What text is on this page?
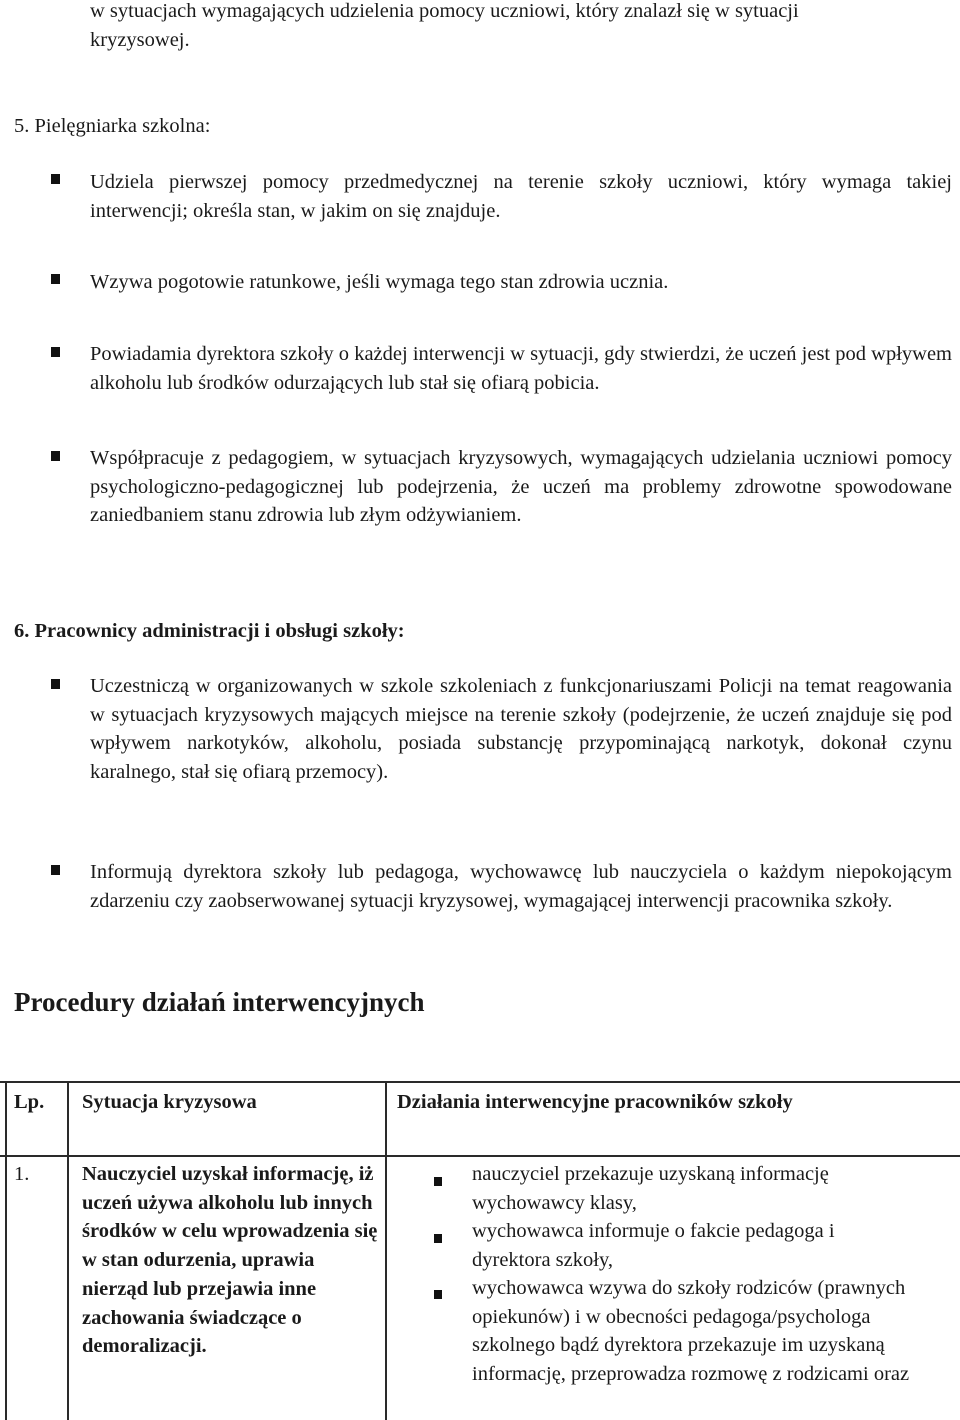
w sytuacjach wymagających udzielenia pomocy uczniowi, który znalazł się w sytuacji
kryzysowej.
5. Pielęgniarka szkolna:
Udziela pierwszej pomocy przedmedycznej na terenie szkoły uczniowi, który wymaga takiej interwencji; określa stan, w jakim on się znajduje.
Wzywa pogotowie ratunkowe, jeśli wymaga tego stan zdrowia ucznia.
Powiadamia dyrektora szkoły o każdej interwencji w sytuacji, gdy stwierdzi, że uczeń jest pod wpływem alkoholu lub środków odurzających lub stał się ofiarą pobicia.
Współpracuje z pedagogiem, w sytuacjach kryzysowych, wymagających udzielania uczniowi pomocy psychologiczno-pedagogicznej lub podejrzenia, że uczeń ma problemy zdrowotne spowodowane zaniedbaniem stanu zdrowia lub złym odżywianiem.
6. Pracownicy administracji i obsługi szkoły:
Uczestniczą w organizowanych w szkole szkoleniach z funkcjonariuszami Policji na temat reagowania w sytuacjach kryzysowych mających miejsce na terenie szkoły (podejrzenie, że uczeń znajduje się pod wpływem narkotyków, alkoholu, posiada substancję przypominającą narkotyk, dokonał czynu karalnego, stał się ofiarą przemocy).
Informują dyrektora szkoły lub pedagoga, wychowawcę lub nauczyciela o każdym niepokojącym zdarzeniu czy zaobserwowanej sytuacji kryzysowej, wymagającej interwencji pracownika szkoły.
Procedury działań interwencyjnych
Lp. Sytuacja kryzysowa	Działania interwencyjne pracowników szkoły
1.	Nauczyciel uzyskał informację, iż uczeń używa alkoholu lub innych środków w celu wprowadzenia się w stan odurzenia, uprawia nierząd lub przejawia inne zachowania świadczące o demoralizacji.
nauczyciel przekazuje uzyskaną informację wychowawcy klasy,
wychowawca informuje o fakcie pedagoga i dyrektora szkoły,
wychowawca wzywa do szkoły rodziców (prawnych opiekunów) i w obecności pedagoga/psychologa szkolnego bądź dyrektora przekazuje im uzyskaną informację, przeprowadza rozmowę z rodzicami oraz
